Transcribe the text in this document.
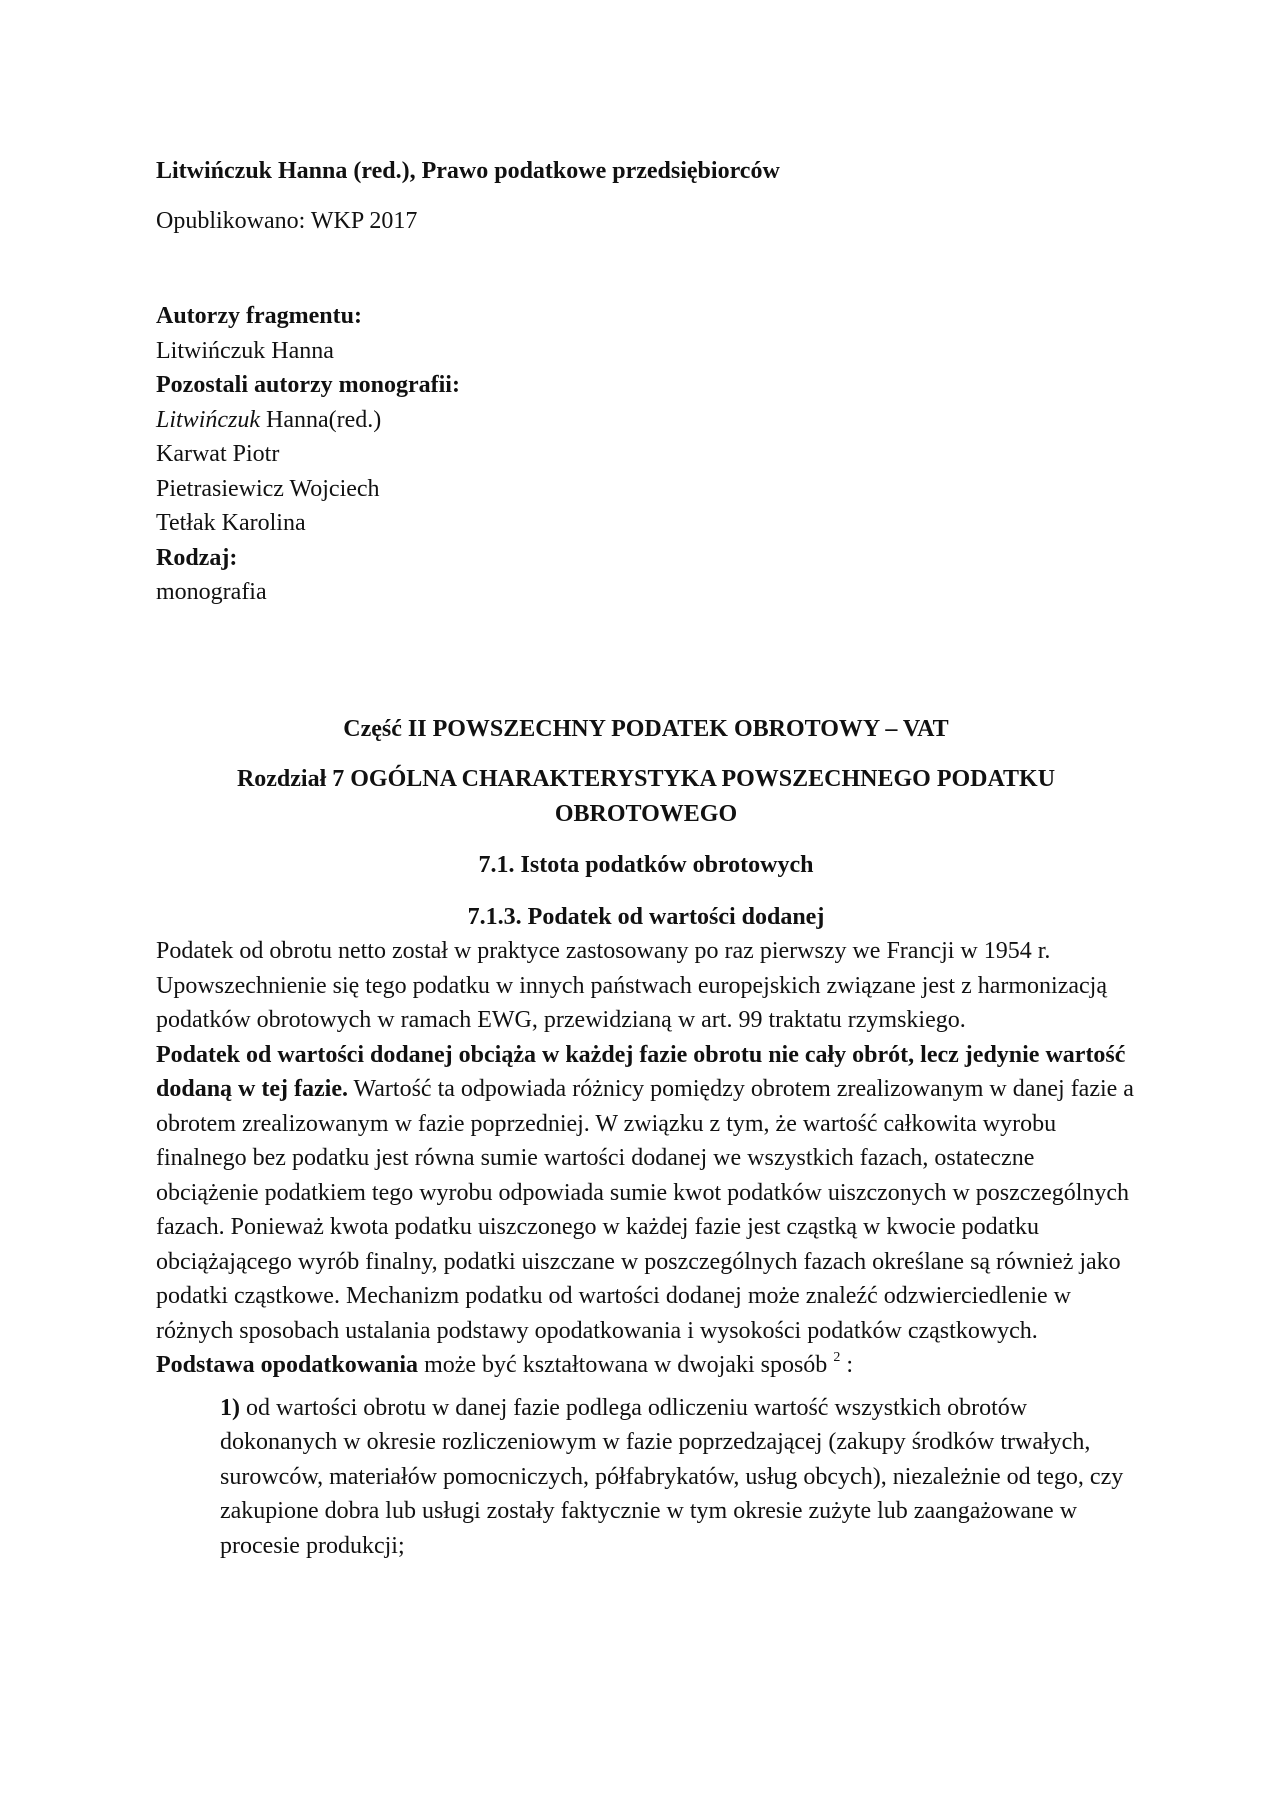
Litwińczuk Hanna (red.), Prawo podatkowe przedsiębiorców

Opublikowano: WKP 2017

Autorzy fragmentu:

Litwińczuk Hanna

Pozostali autorzy monografii:

Litwińczuk Hanna(red.)

Karwat Piotr

Pietrasiewicz Wojciech

Tetłak Karolina

Rodzaj:

monografia

Część II POWSZECHNY PODATEK OBROTOWY – VAT

Rozdział 7 OGÓLNA CHARAKTERYSTYKA POWSZECHNEGO PODATKU

OBROTOWEGO

7.1. Istota podatków obrotowych

7.1.3. Podatek od wartości dodanej

Podatek od obrotu netto został w praktyce zastosowany po raz pierwszy we Francji w 1954 r. Upowszechnienie się tego podatku w innych państwach europejskich związane jest z harmonizacją podatków obrotowych w ramach EWG, przewidzianą w art. 99 traktatu rzymskiego.

Podatek od wartości dodanej obciąża w każdej fazie obrotu nie cały obrót, lecz jedynie wartość dodaną w tej fazie. Wartość ta odpowiada różnicy pomiędzy obrotem zrealizowanym w danej fazie a obrotem zrealizowanym w fazie poprzedniej. W związku z tym, że wartość całkowita wyrobu finalnego bez podatku jest równa sumie wartości dodanej we wszystkich fazach, ostateczne obciążenie podatkiem tego wyrobu odpowiada sumie kwot podatków uiszczonych w poszczególnych fazach. Ponieważ kwota podatku uiszczonego w każdej fazie jest cząstką w kwocie podatku obciążającego wyrób finalny, podatki uiszczane w poszczególnych fazach określane są również jako podatki cząstkowe. Mechanizm podatku od wartości dodanej może znaleźć odzwierciedlenie w różnych sposobach ustalania podstawy opodatkowania i wysokości podatków cząstkowych.

Podstawa opodatkowania może być kształtowana w dwojaki sposób $^2$ :

1) od wartości obrotu w danej fazie podlega odliczeniu wartość wszystkich obrotów dokonanych w okresie rozliczeniowym w fazie poprzedzającej (zakupy środków trwałych, surowców, materiałów pomocniczych, półfabrykatów, usług obcych), niezależnie od tego, czy zakupione dobra lub usługi zostały faktycznie w tym okresie zużyte lub zaangażowane w procesie produkcji;
